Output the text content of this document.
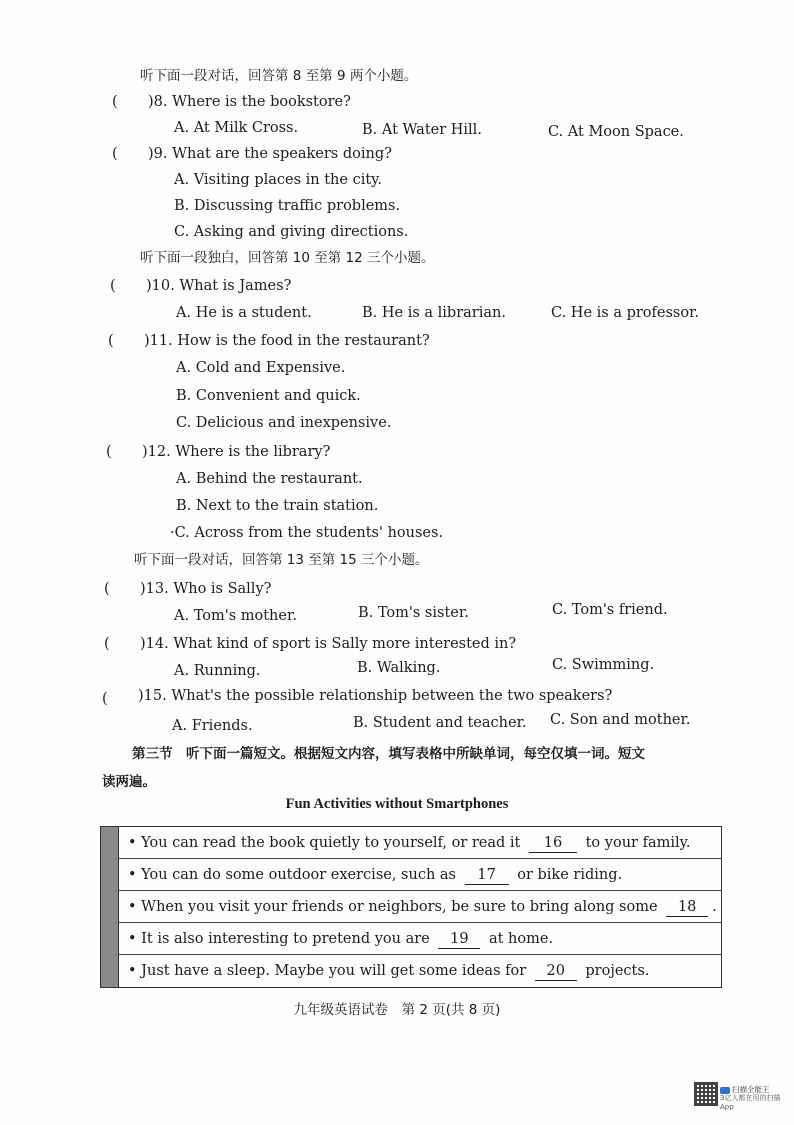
听下面一段对话，回答第 8 至第 9 两个小题。
( )8. Where is the bookstore?
A. At Milk Cross.	B. At Water Hill.	C. At Moon Space.
( )9. What are the speakers doing?
A. Visiting places in the city.
B. Discussing traffic problems.
C. Asking and giving directions.
听下面一段独白，回答第 10 至第 12 三个小题。
( )10. What is James?
A. He is a student.	B. He is a librarian.	C. He is a professor.
( )11. How is the food in the restaurant?
A. Cold and Expensive.
B. Convenient and quick.
C. Delicious and inexpensive.
( )12. Where is the library?
A. Behind the restaurant.
B. Next to the train station.
·C. Across from the students' houses.
听下面一段对话，回答第 13 至第 15 三个小题。
( )13. Who is Sally?
A. Tom's mother.	B. Tom's sister.	C. Tom's friend.
( )14. What kind of sport is Sally more interested in?
A. Running.	B. Walking.	C. Swimming.
( )15. What's the possible relationship between the two speakers?
A. Friends.	B. Student and teacher. C. Son and mother.
第三节　听下面一篇短文。根据短文内容，填写表格中所缺单词，每空仅填一词。短文
读两遍。
Fun Activities without Smartphones
• You can read the book quietly to yourself, or read it 16 to your family.
• You can do some outdoor exercise, such as 17 or bike riding.
• When you visit your friends or neighbors, be sure to bring along some 18 .
• It is also interesting to pretend you are 19 at home.
• Just have a sleep. Maybe you will get some ideas for 20 projects.
九年级英语试卷　第 2 页(共 8 页)
扫描全能王
3亿人都在用的扫描App
